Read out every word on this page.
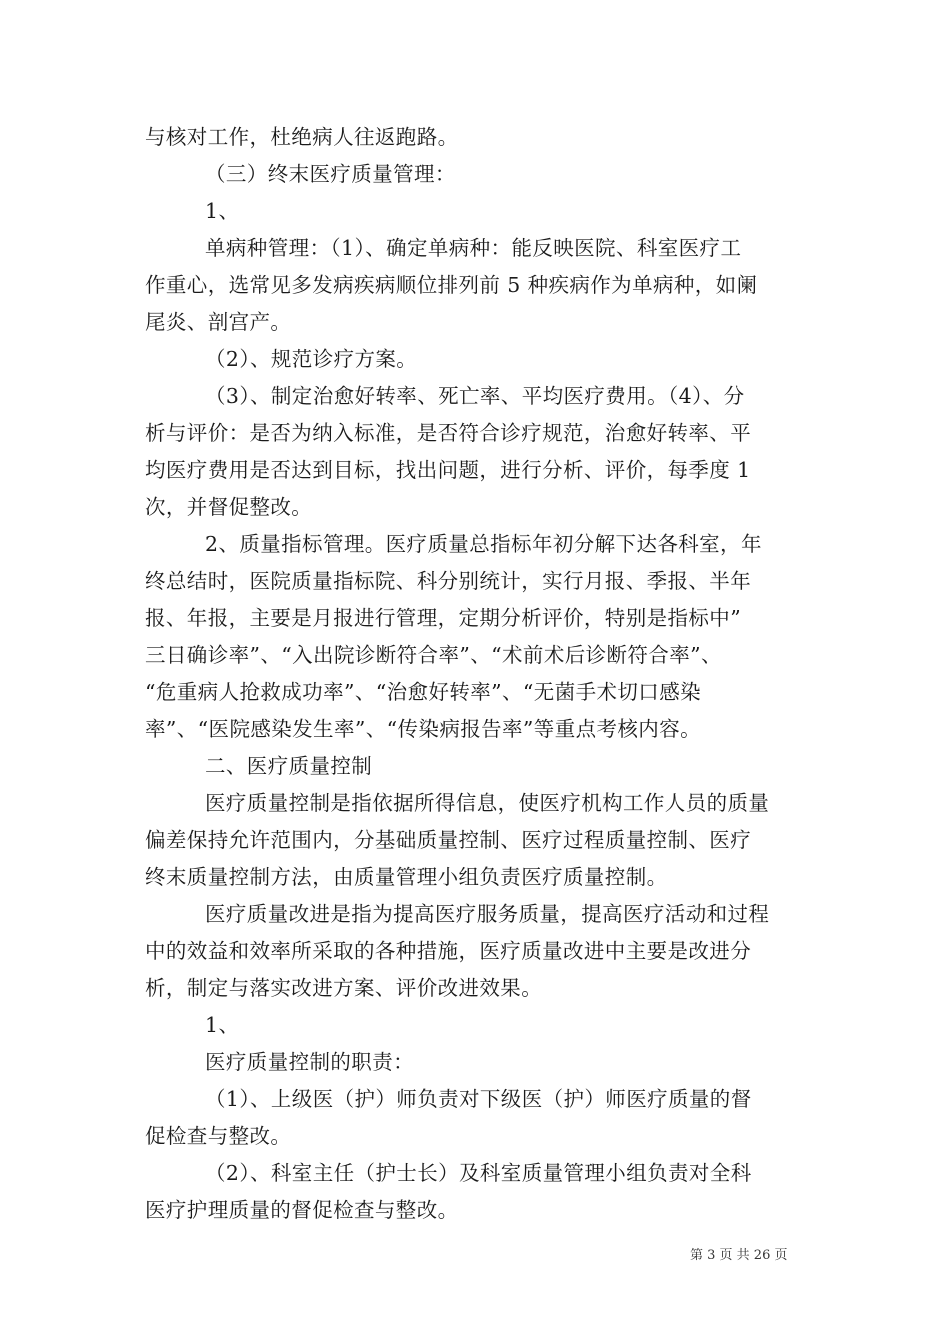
与核对工作，杜绝病人往返跑路。
（三）终末医疗质量管理：
1、
单病种管理：（1）、确定单病种：能反映医院、科室医疗工
作重心，选常见多发病疾病顺位排列前 5 种疾病作为单病种，如阑
尾炎、剖宫产。
（2）、规范诊疗方案。
（3）、制定治愈好转率、死亡率、平均医疗费用。（4）、分
析与评价：是否为纳入标准，是否符合诊疗规范，治愈好转率、平
均医疗费用是否达到目标，找出问题，进行分析、评价，每季度 1
次，并督促整改。
2、质量指标管理。医疗质量总指标年初分解下达各科室，年
终总结时，医院质量指标院、科分别统计，实行月报、季报、半年
报、年报，主要是月报进行管理，定期分析评价，特别是指标中”
三日确诊率”、“入出院诊断符合率”、“术前术后诊断符合率”、
“危重病人抢救成功率”、“治愈好转率”、“无菌手术切口感染
率”、“医院感染发生率”、“传染病报告率”等重点考核内容。
二、医疗质量控制
医疗质量控制是指依据所得信息，使医疗机构工作人员的质量
偏差保持允许范围内，分基础质量控制、医疗过程质量控制、医疗
终末质量控制方法，由质量管理小组负责医疗质量控制。
医疗质量改进是指为提高医疗服务质量，提高医疗活动和过程
中的效益和效率所采取的各种措施，医疗质量改进中主要是改进分
析，制定与落实改进方案、评价改进效果。
1、
医疗质量控制的职责：
（1）、上级医（护）师负责对下级医（护）师医疗质量的督
促检查与整改。
（2）、科室主任（护士长）及科室质量管理小组负责对全科
医疗护理质量的督促检查与整改。
第 3 页 共 26 页
